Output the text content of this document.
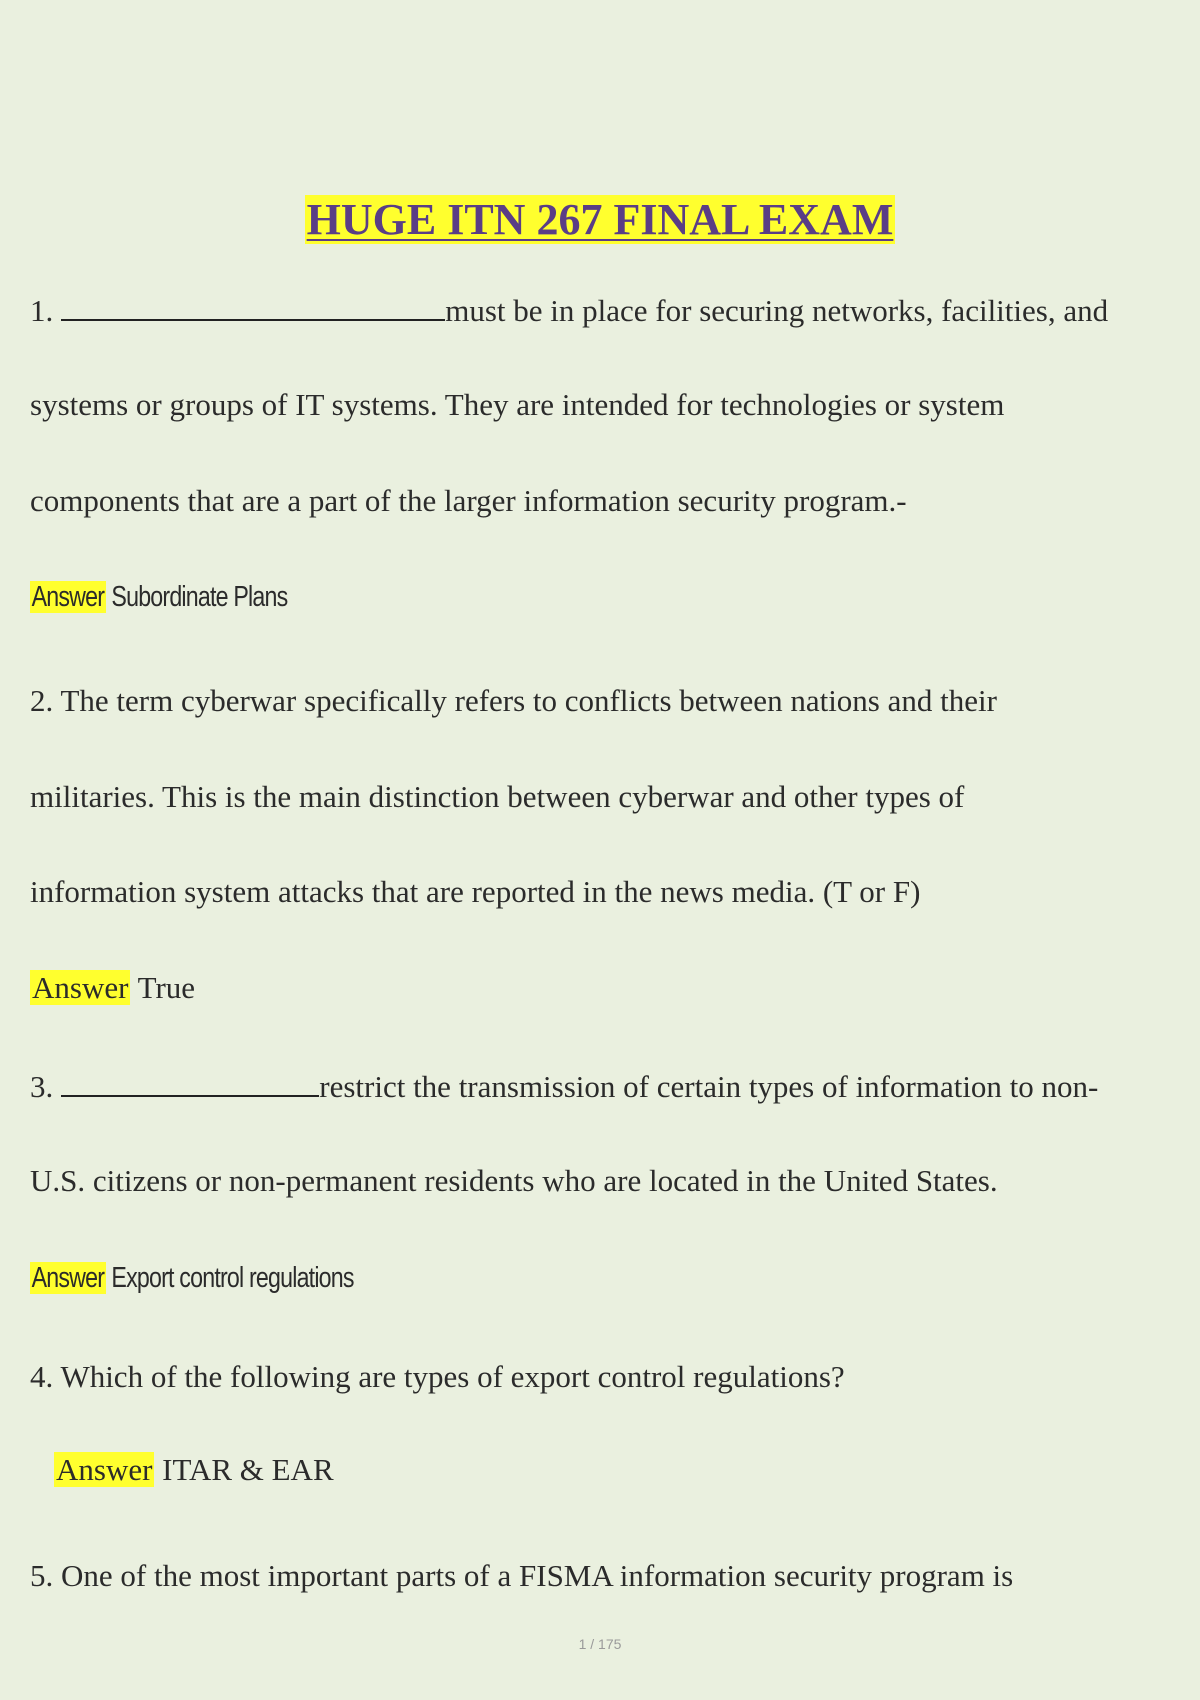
HUGE ITN 267 FINAL EXAM
1.	must be in place for securing networks, facilities, and
systems or groups of IT systems. They are intended for technologies or system
components that are a part of the larger information security program.-
Answer Subordinate Plans
2. The term cyberwar specifically refers to conflicts between nations and their
militaries. This is the main distinction between cyberwar and other types of
information system attacks that are reported in the news media. (T or F)
Answer True
3.	restrict the transmission of certain types of information to non-
U.S. citizens or non-permanent residents who are located in the United States.
Answer Export control regulations
4. Which of the following are types of export control regulations?
Answer ITAR & EAR
5. One of the most important parts of a FISMA information security program is
1 / 175
